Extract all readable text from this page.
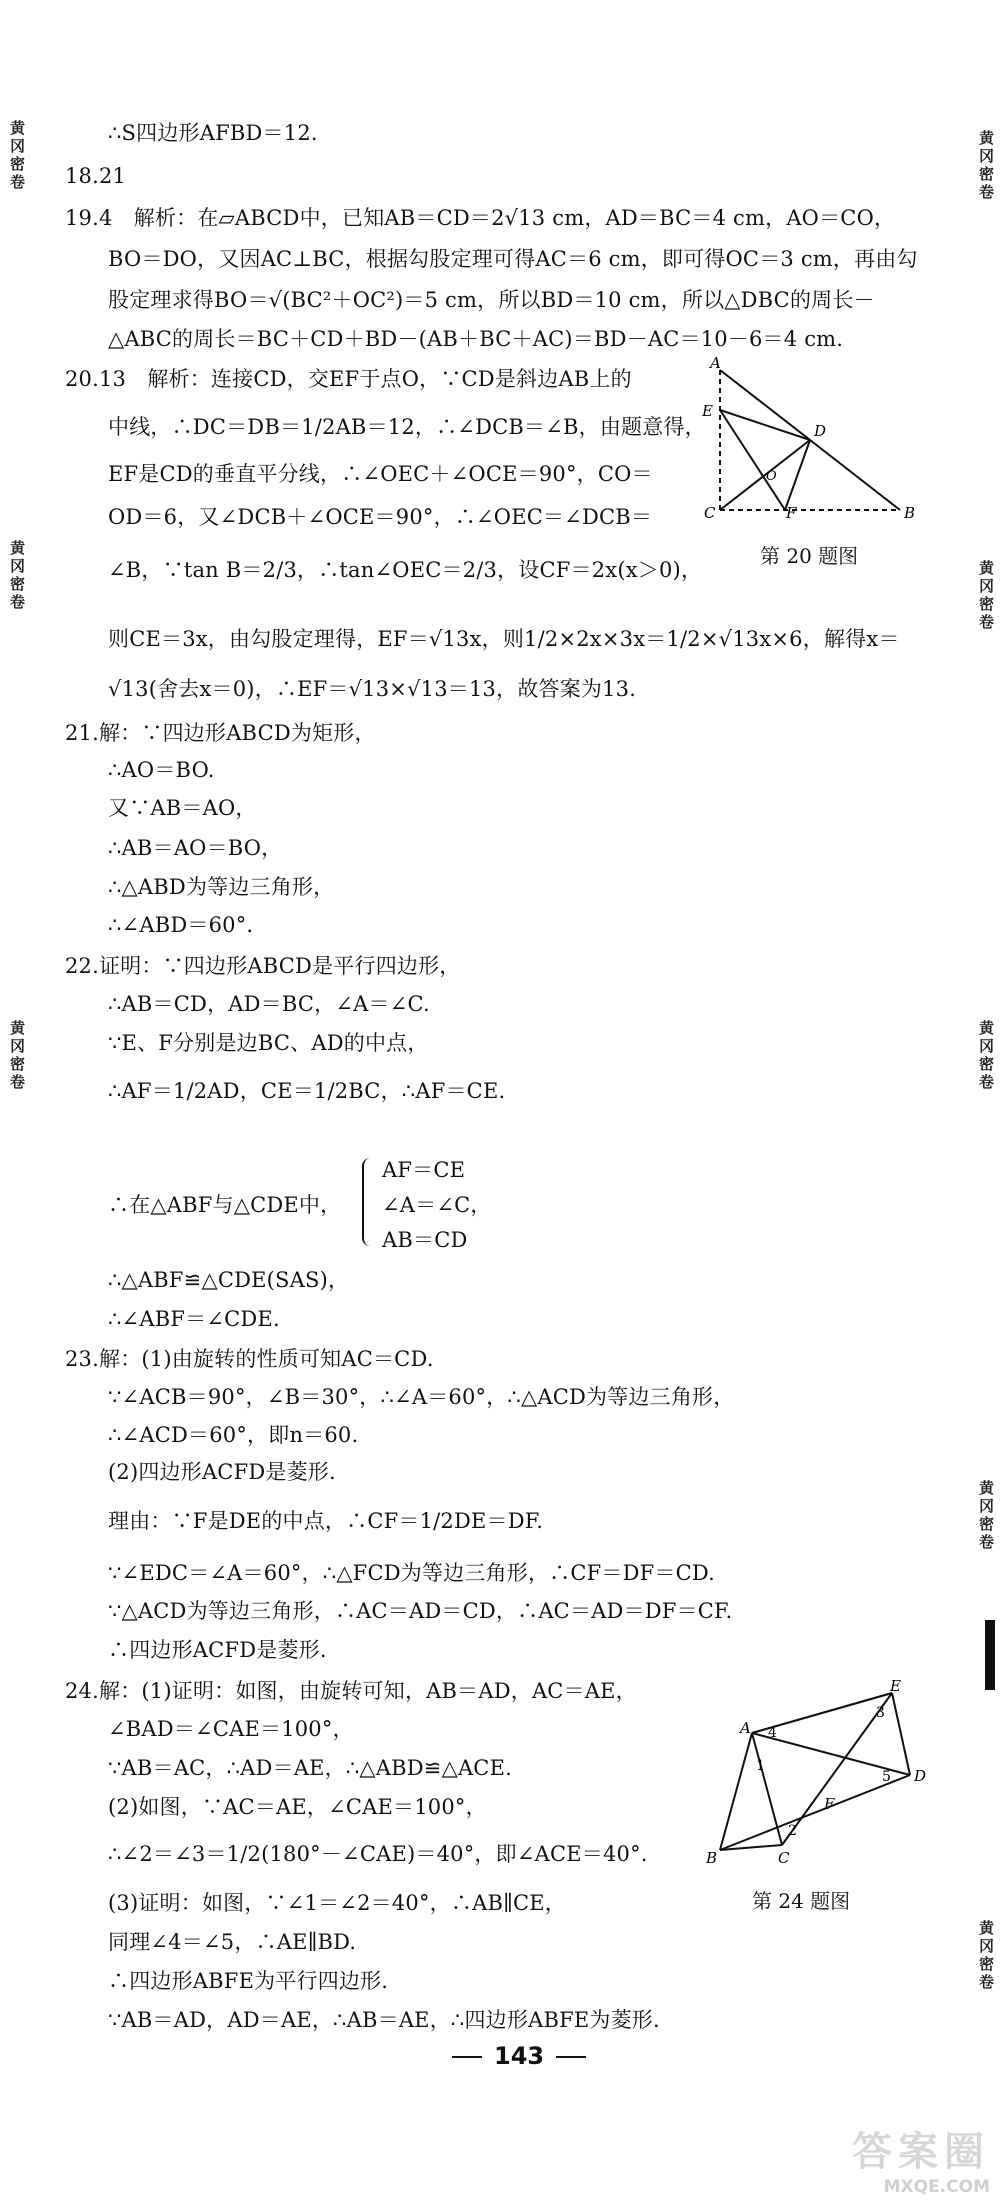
∴S四边形AFBD＝12.
18.21
19.4　解析：在▱ABCD中，已知AB＝CD＝2√13 cm，AD＝BC＝4 cm，AO＝CO，
BO＝DO，又因AC⊥BC，根据勾股定理可得AC＝6 cm，即可得OC＝3 cm，再由勾
股定理求得BO＝√(BC²＋OC²)＝5 cm，所以BD＝10 cm，所以△DBC的周长－
△ABC的周长＝BC＋CD＋BD－(AB＋BC＋AC)＝BD－AC＝10－6＝4 cm.
20.13　解析：连接CD，交EF于点O，∵CD是斜边AB上的
中线，∴DC＝DB＝1/2AB＝12，∴∠DCB＝∠B，由题意得，
EF是CD的垂直平分线，∴∠OEC＋∠OCE＝90°，CO＝
OD＝6，又∠DCB＋∠OCE＝90°，∴∠OEC＝∠DCB＝
∠B，∵tan B＝2/3，∴tan∠OEC＝2/3，设CF＝2x(x＞0)，
则CE＝3x，由勾股定理得，EF＝√13x，则1/2×2x×3x＝1/2×√13x×6，解得x＝
√13(舍去x＝0)，∴EF＝√13×√13＝13，故答案为13.
21.解：∵四边形ABCD为矩形，
∴AO＝BO.
又∵AB＝AO，
∴AB＝AO＝BO，
∴△ABD为等边三角形，
∴∠ABD＝60°.
22.证明：∵四边形ABCD是平行四边形，
∴AB＝CD，AD＝BC，∠A＝∠C.
∵E、F分别是边BC、AD的中点，
∴AF＝1/2AD，CE＝1/2BC，∴AF＝CE.
AF＝CE
∴在△ABF与△CDE中， ∠A＝∠C，
AB＝CD
∴△ABF≌△CDE(SAS)，
∴∠ABF＝∠CDE.
23.解：(1)由旋转的性质可知AC＝CD.
∵∠ACB＝90°，∠B＝30°，∴∠A＝60°，∴△ACD为等边三角形，
∴∠ACD＝60°，即n＝60.
(2)四边形ACFD是菱形.
理由：∵F是DE的中点，∴CF＝1/2DE＝DF.
∵∠EDC＝∠A＝60°，∴△FCD为等边三角形，∴CF＝DF＝CD.
∵△ACD为等边三角形，∴AC＝AD＝CD，∴AC＝AD＝DF＝CF.
∴四边形ACFD是菱形.
24.解：(1)证明：如图，由旋转可知，AB＝AD，AC＝AE，
∠BAD＝∠CAE＝100°，
∵AB＝AC，∴AD＝AE，∴△ABD≌△ACE.
(2)如图，∵AC＝AE，∠CAE＝100°，
∴∠2＝∠3＝1/2(180°－∠CAE)＝40°，即∠ACE＝40°.
(3)证明：如图，∵∠1＝∠2＝40°，∴AB∥CE，
同理∠4＝∠5，∴AE∥BD.
∴四边形ABFE为平行四边形.
∵AB＝AD，AD＝AE，∴AB＝AE，∴四边形ABFE为菱形.
A
E
D
O
C	F	B
第 20 题图
A
E
D
B	C
F
1
2
3
4
5
第 24 题图
143
黄冈密卷
黄冈密卷
黄冈密卷
黄冈密卷
黄冈密卷
黄冈密卷
黄冈密卷
黄冈密卷
答案圈
MXQE.COM
